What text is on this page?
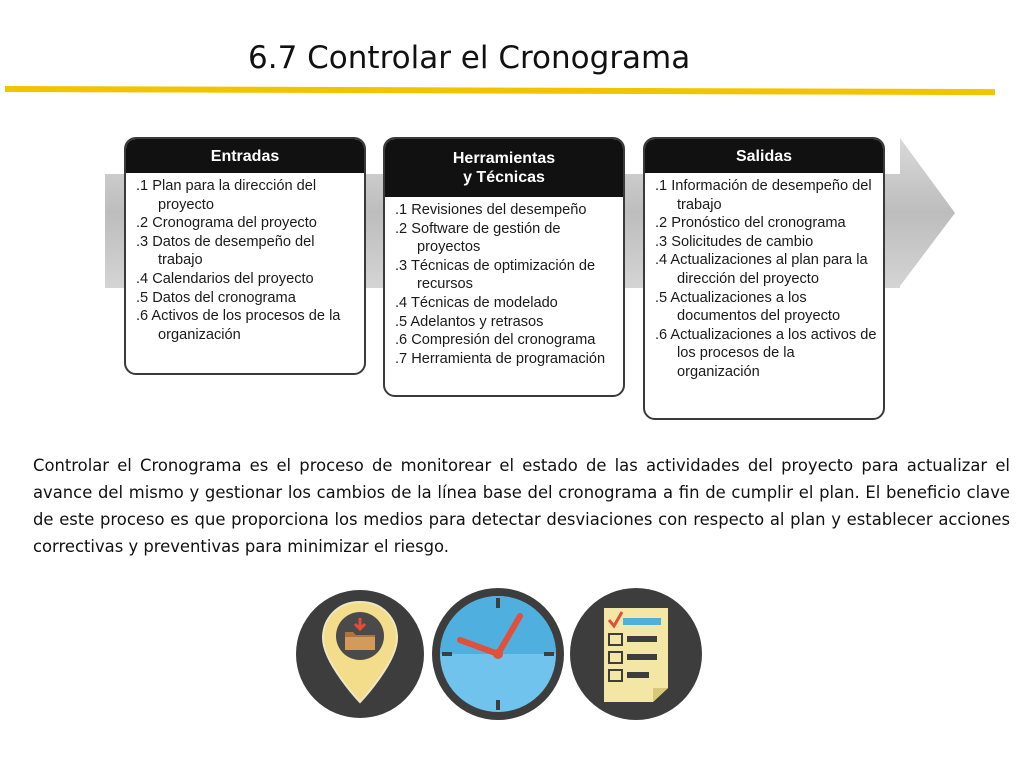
6.7 Controlar el Cronograma
Entradas
.1 Plan para la dirección del proyecto
.2 Cronograma del proyecto
.3 Datos de desempeño del trabajo
.4 Calendarios del proyecto
.5 Datos del cronograma
.6 Activos de los procesos de la organización
Herramientas
y Técnicas
.1 Revisiones del desempeño
.2 Software de gestión de proyectos
.3 Técnicas de optimización de recursos
.4 Técnicas de modelado
.5 Adelantos y retrasos
.6 Compresión del cronograma
.7 Herramienta de programación
Salidas
.1 Información de desempeño del trabajo
.2 Pronóstico del cronograma
.3 Solicitudes de cambio
.4 Actualizaciones al plan para la dirección del proyecto
.5 Actualizaciones a los documentos del proyecto
.6 Actualizaciones a los activos de los procesos de la organización

Controlar el Cronograma es el proceso de monitorear el estado de las actividades del proyecto para actualizar el avance del mismo y gestionar los cambios de la línea base del cronograma a fin de cumplir el plan. El beneficio clave de este proceso es que proporciona los medios para detectar desviaciones con respecto al plan y establecer acciones correctivas y preventivas para minimizar el riesgo.
